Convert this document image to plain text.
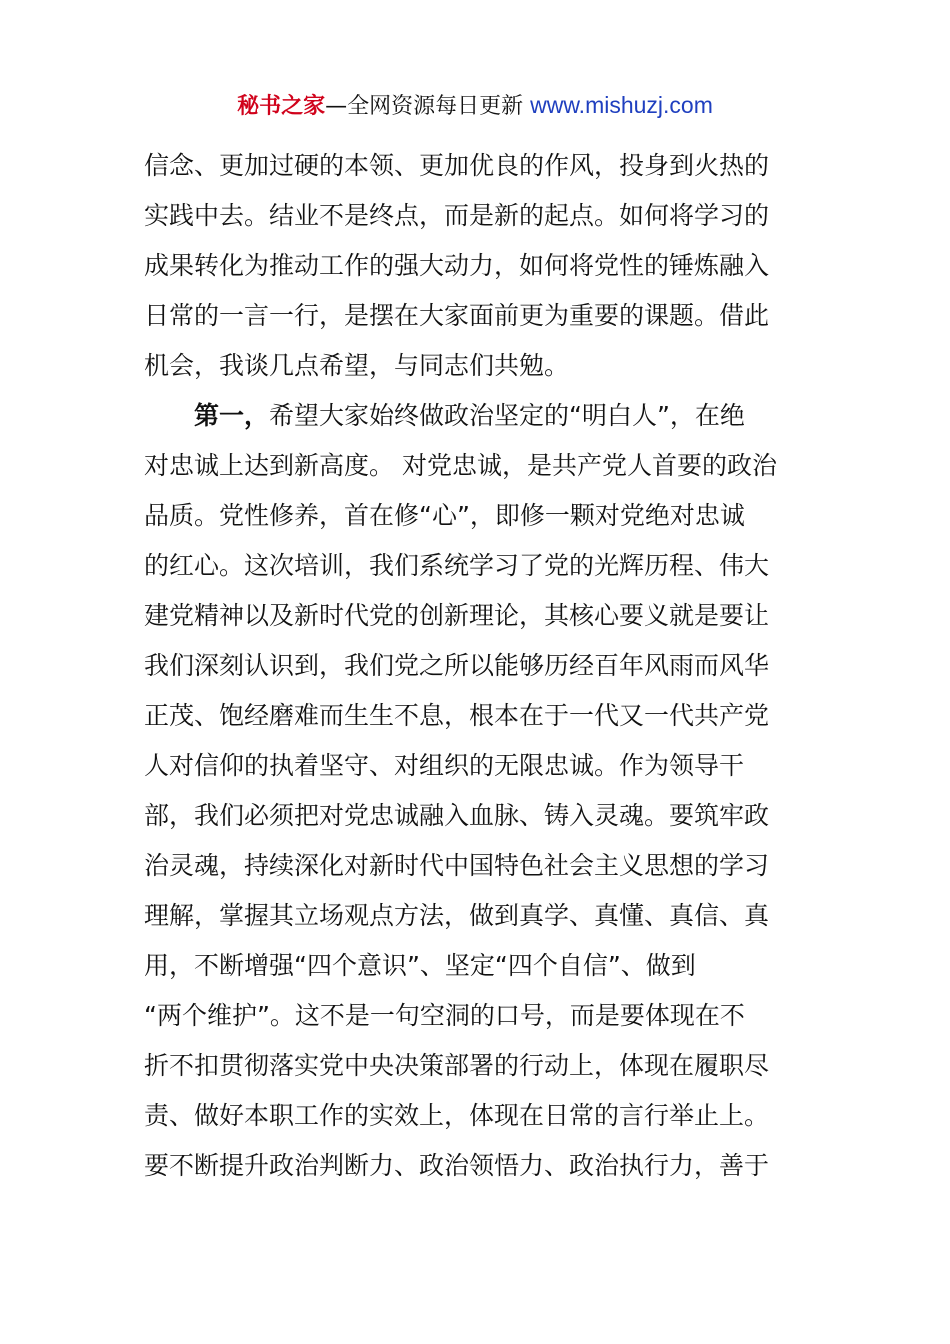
秘书之家—全网资源每日更新 www.mishuzj.com
信念、更加过硬的本领、更加优良的作风，投身到火热的
实践中去。结业不是终点，而是新的起点。如何将学习的
成果转化为推动工作的强大动力，如何将党性的锤炼融入
日常的一言一行，是摆在大家面前更为重要的课题。借此
机会，我谈几点希望，与同志们共勉。
第一，希望大家始终做政治坚定的“明白人”，在绝
对忠诚上达到新高度。 对党忠诚，是共产党人首要的政治
品质。党性修养，首在修“心”，即修一颗对党绝对忠诚
的红心。这次培训，我们系统学习了党的光辉历程、伟大
建党精神以及新时代党的创新理论，其核心要义就是要让
我们深刻认识到，我们党之所以能够历经百年风雨而风华
正茂、饱经磨难而生生不息，根本在于一代又一代共产党
人对信仰的执着坚守、对组织的无限忠诚。作为领导干
部，我们必须把对党忠诚融入血脉、铸入灵魂。要筑牢政
治灵魂，持续深化对新时代中国特色社会主义思想的学习
理解，掌握其立场观点方法，做到真学、真懂、真信、真
用，不断增强“四个意识”、坚定“四个自信”、做到
“两个维护”。这不是一句空洞的口号，而是要体现在不
折不扣贯彻落实党中央决策部署的行动上，体现在履职尽
责、做好本职工作的实效上，体现在日常的言行举止上。
要不断提升政治判断力、政治领悟力、政治执行力，善于
